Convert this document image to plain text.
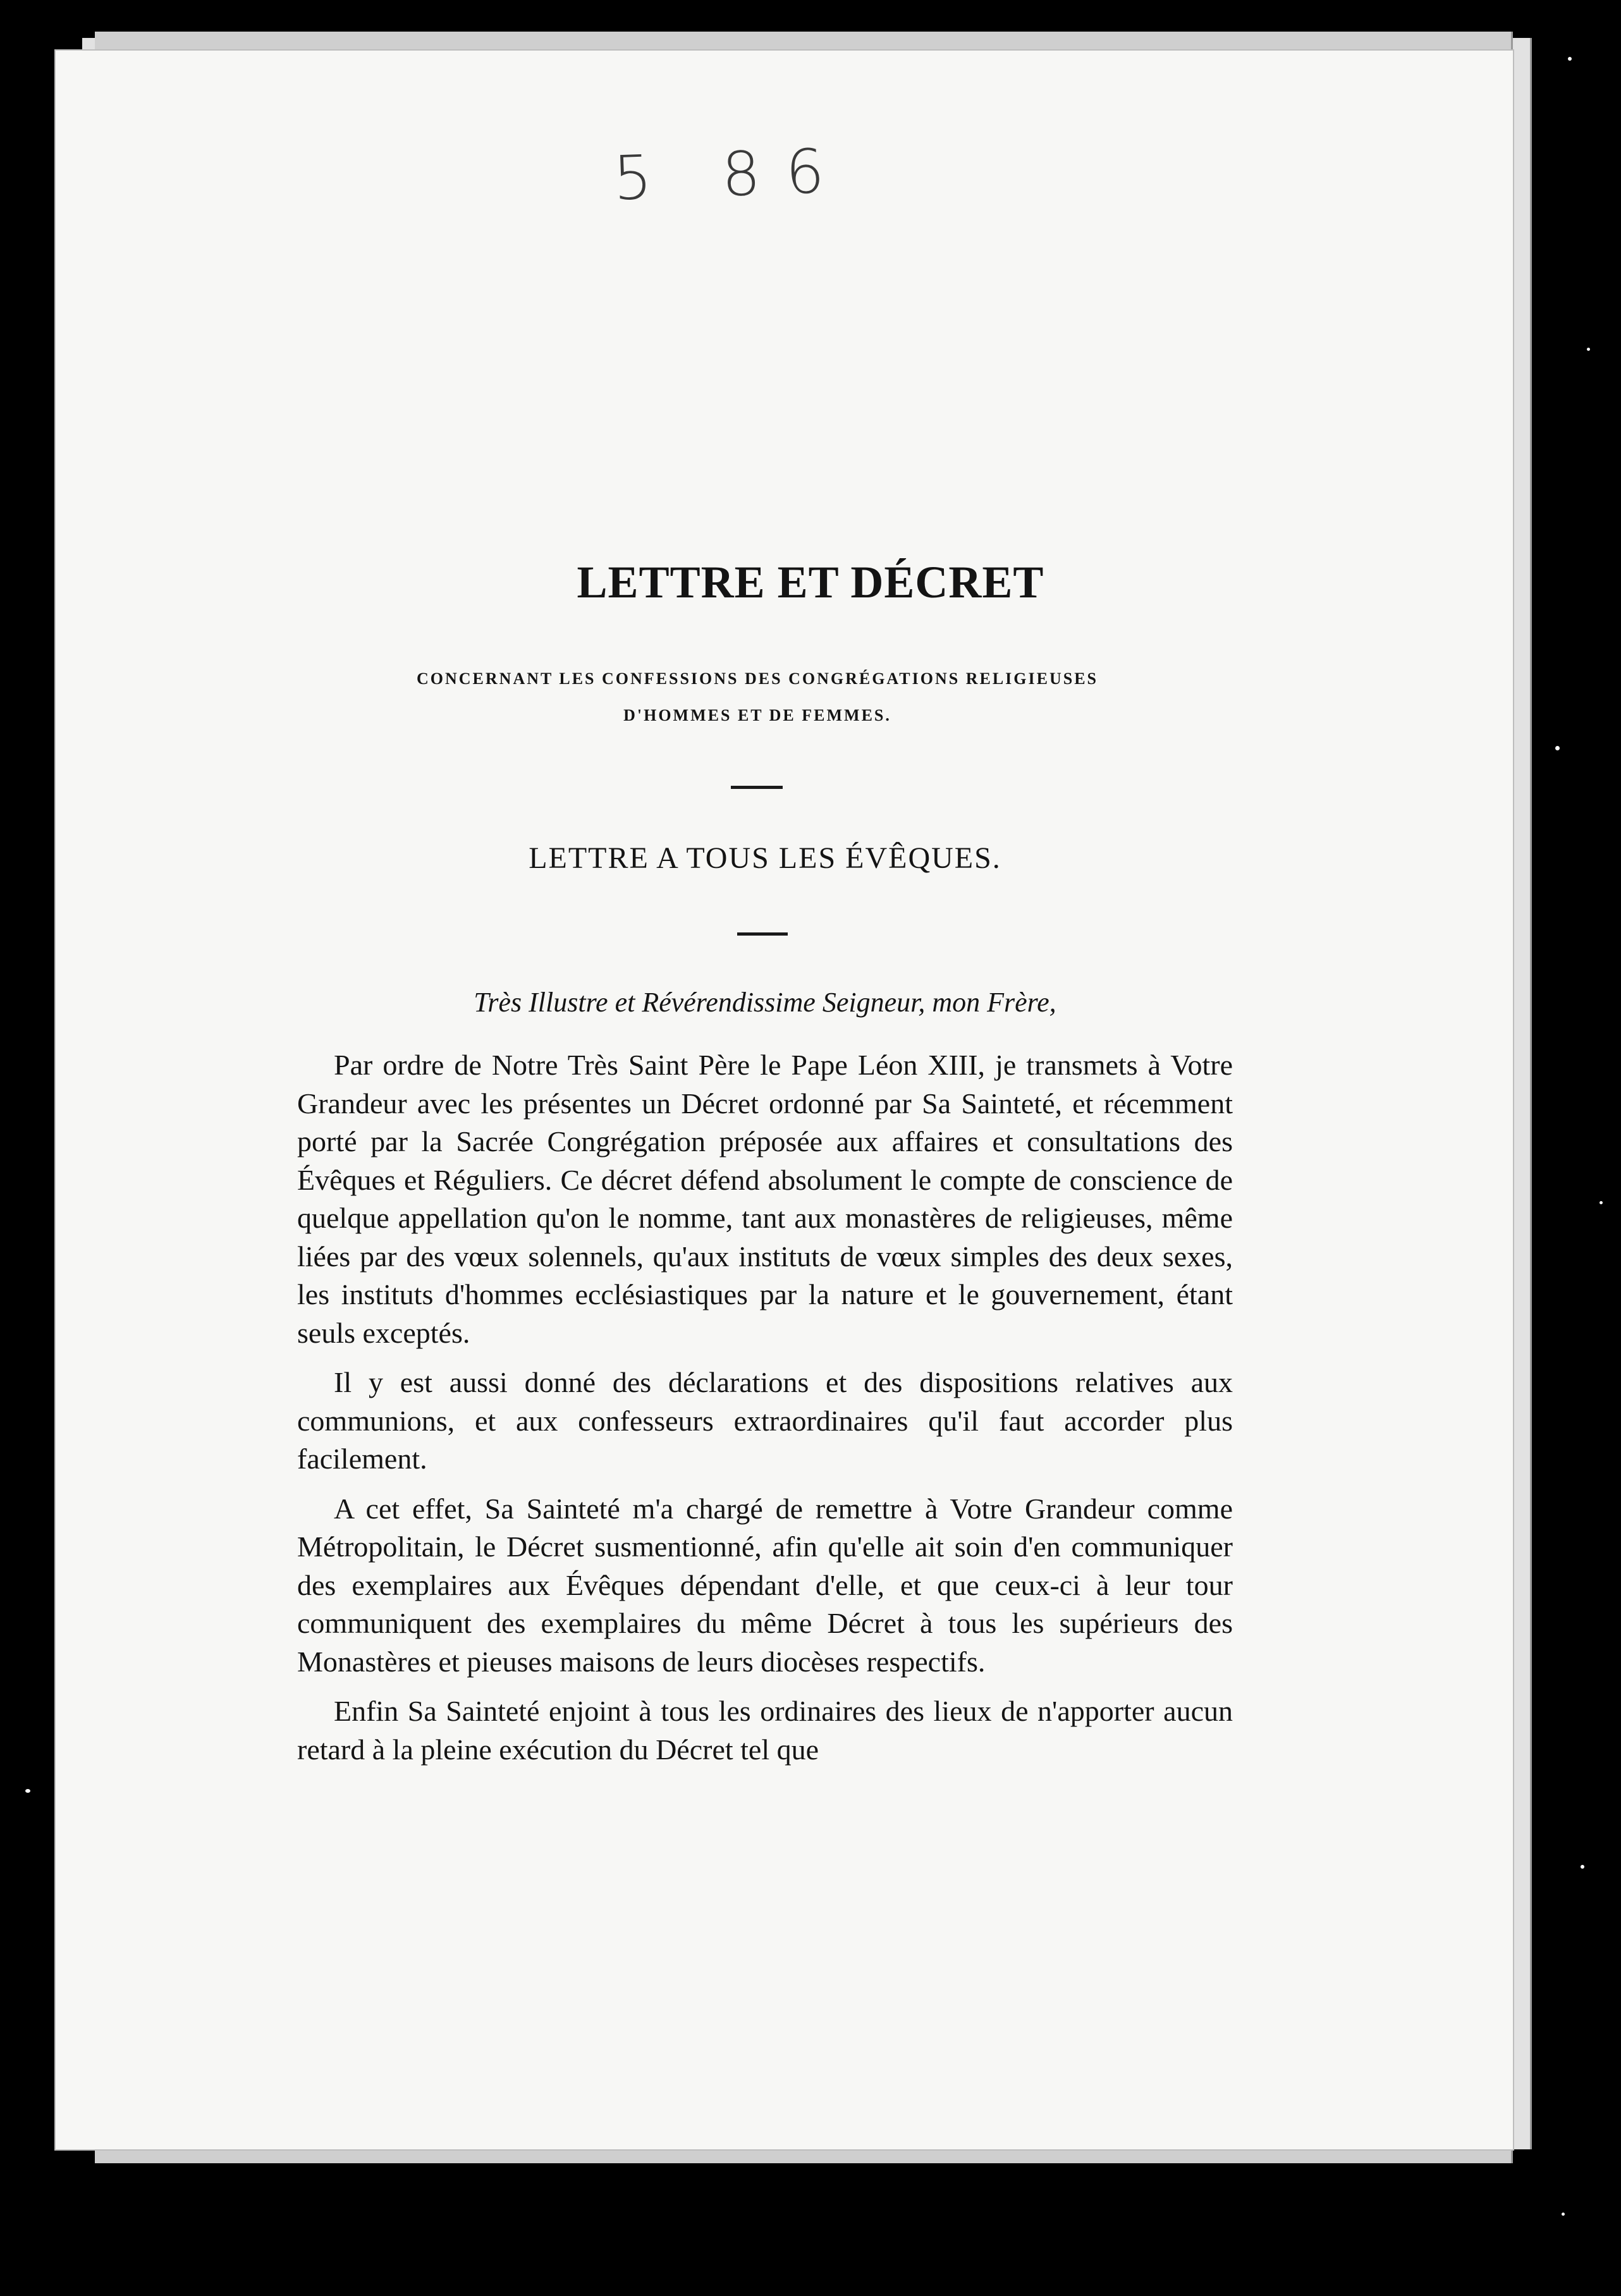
5 86
LETTRE ET DÉCRET
CONCERNANT LES CONFESSIONS DES CONGRÉGATIONS RELIGIEUSES
D'HOMMES ET DE FEMMES.
LETTRE A TOUS LES ÉVÊQUES.

Très Illustre et Révérendissime Seigneur, mon Frère,

Par ordre de Notre Très Saint Père le Pape Léon XIII, je transmets à Votre Grandeur avec les présentes un Décret ordonné par Sa Sainteté, et récemment porté par la Sacrée Congrégation préposée aux affaires et consultations des Évêques et Réguliers. Ce décret défend absolument le compte de conscience de quelque appellation qu'on le nomme, tant aux monastères de religieuses, même liées par des vœux solennels, qu'aux instituts de vœux simples des deux sexes, les instituts d'hommes ecclésiastiques par la nature et le gouvernement, étant seuls exceptés.

Il y est aussi donné des déclarations et des dispositions relatives aux communions, et aux confesseurs extraordinaires qu'il faut accorder plus facilement.

A cet effet, Sa Sainteté m'a chargé de remettre à Votre Grandeur comme Métropolitain, le Décret susmentionné, afin qu'elle ait soin d'en communiquer des exemplaires aux Évêques dépendant d'elle, et que ceux-ci à leur tour communiquent des exemplaires du même Décret à tous les supérieurs des Monastères et pieuses maisons de leurs diocèses respectifs.

Enfin Sa Sainteté enjoint à tous les ordinaires des lieux de n'apporter aucun retard à la pleine exécution du Décret tel que
